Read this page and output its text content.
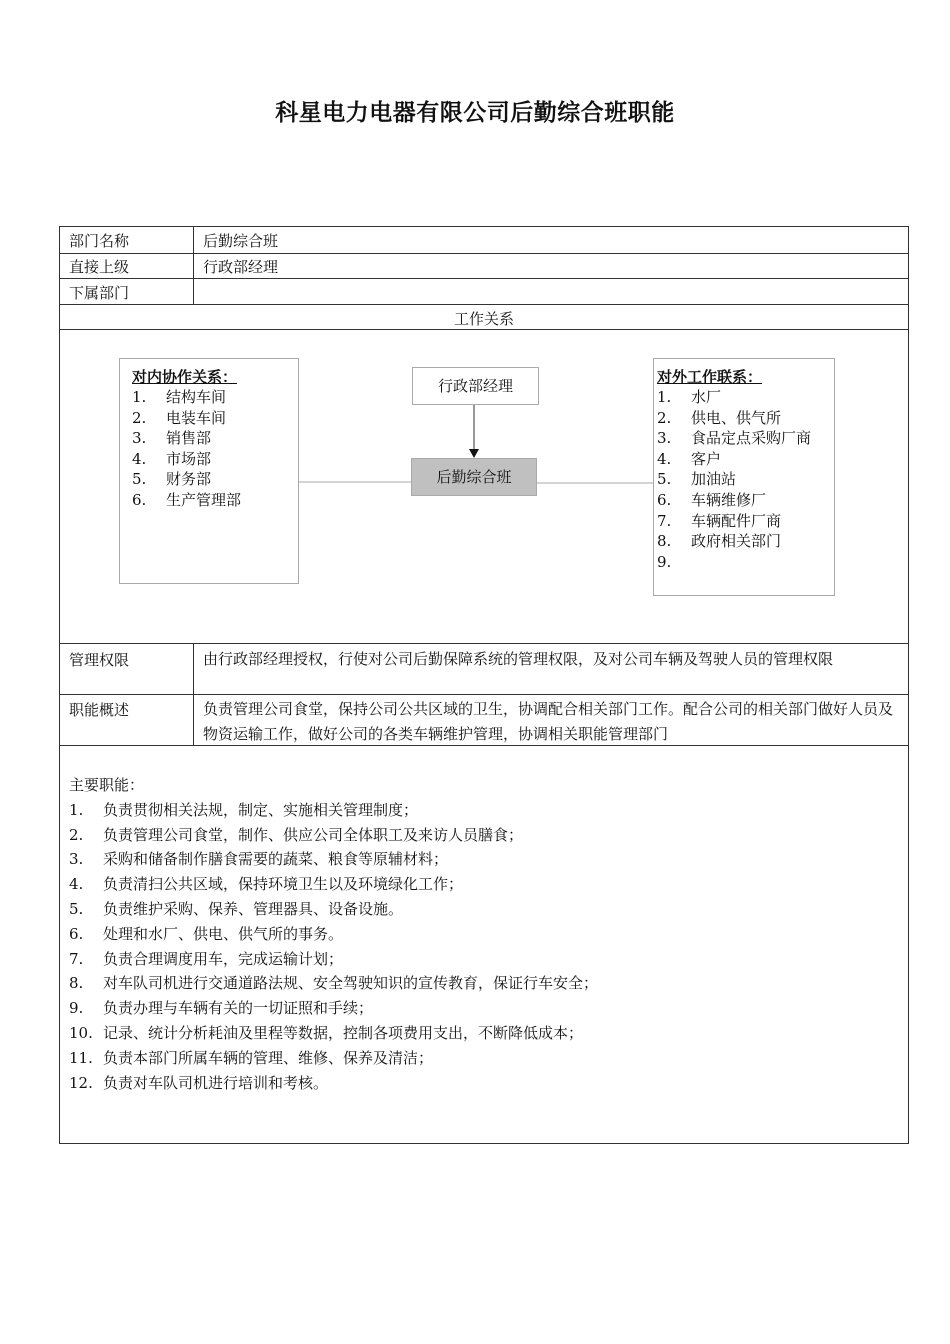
科星电力电器有限公司后勤综合班职能
部门名称	后勤综合班
直接上级	行政部经理
下属部门
工作关系
对内协作关系：
1. 结构车间
2. 电装车间
3. 销售部
4. 市场部
5. 财务部
6. 生产管理部
对外工作联系：
1. 水厂
2. 供电、供气所
3. 食品定点采购厂商
4. 客户
5. 加油站
6. 车辆维修厂
7. 车辆配件厂商
8. 政府相关部门
9.
行政部经理
后勤综合班
管理权限	由行政部经理授权，行使对公司后勤保障系统的管理权限，及对公司车辆及驾驶人员的管理权限
职能概述	负责管理公司食堂，保持公司公共区域的卫生，协调配合相关部门工作。配合公司的相关部门做好人员及物资运输工作，做好公司的各类车辆维护管理，协调相关职能管理部门
主要职能：
1. 负责贯彻相关法规，制定、实施相关管理制度；
2. 负责管理公司食堂，制作、供应公司全体职工及来访人员膳食；
3. 采购和储备制作膳食需要的蔬菜、粮食等原辅材料；
4. 负责清扫公共区域，保持环境卫生以及环境绿化工作；
5. 负责维护采购、保养、管理器具、设备设施。
6. 处理和水厂、供电、供气所的事务。
7. 负责合理调度用车，完成运输计划；
8. 对车队司机进行交通道路法规、安全驾驶知识的宣传教育，保证行车安全；
9. 负责办理与车辆有关的一切证照和手续；
10. 记录、统计分析耗油及里程等数据，控制各项费用支出，不断降低成本；
11. 负责本部门所属车辆的管理、维修、保养及清洁；
12. 负责对车队司机进行培训和考核。
